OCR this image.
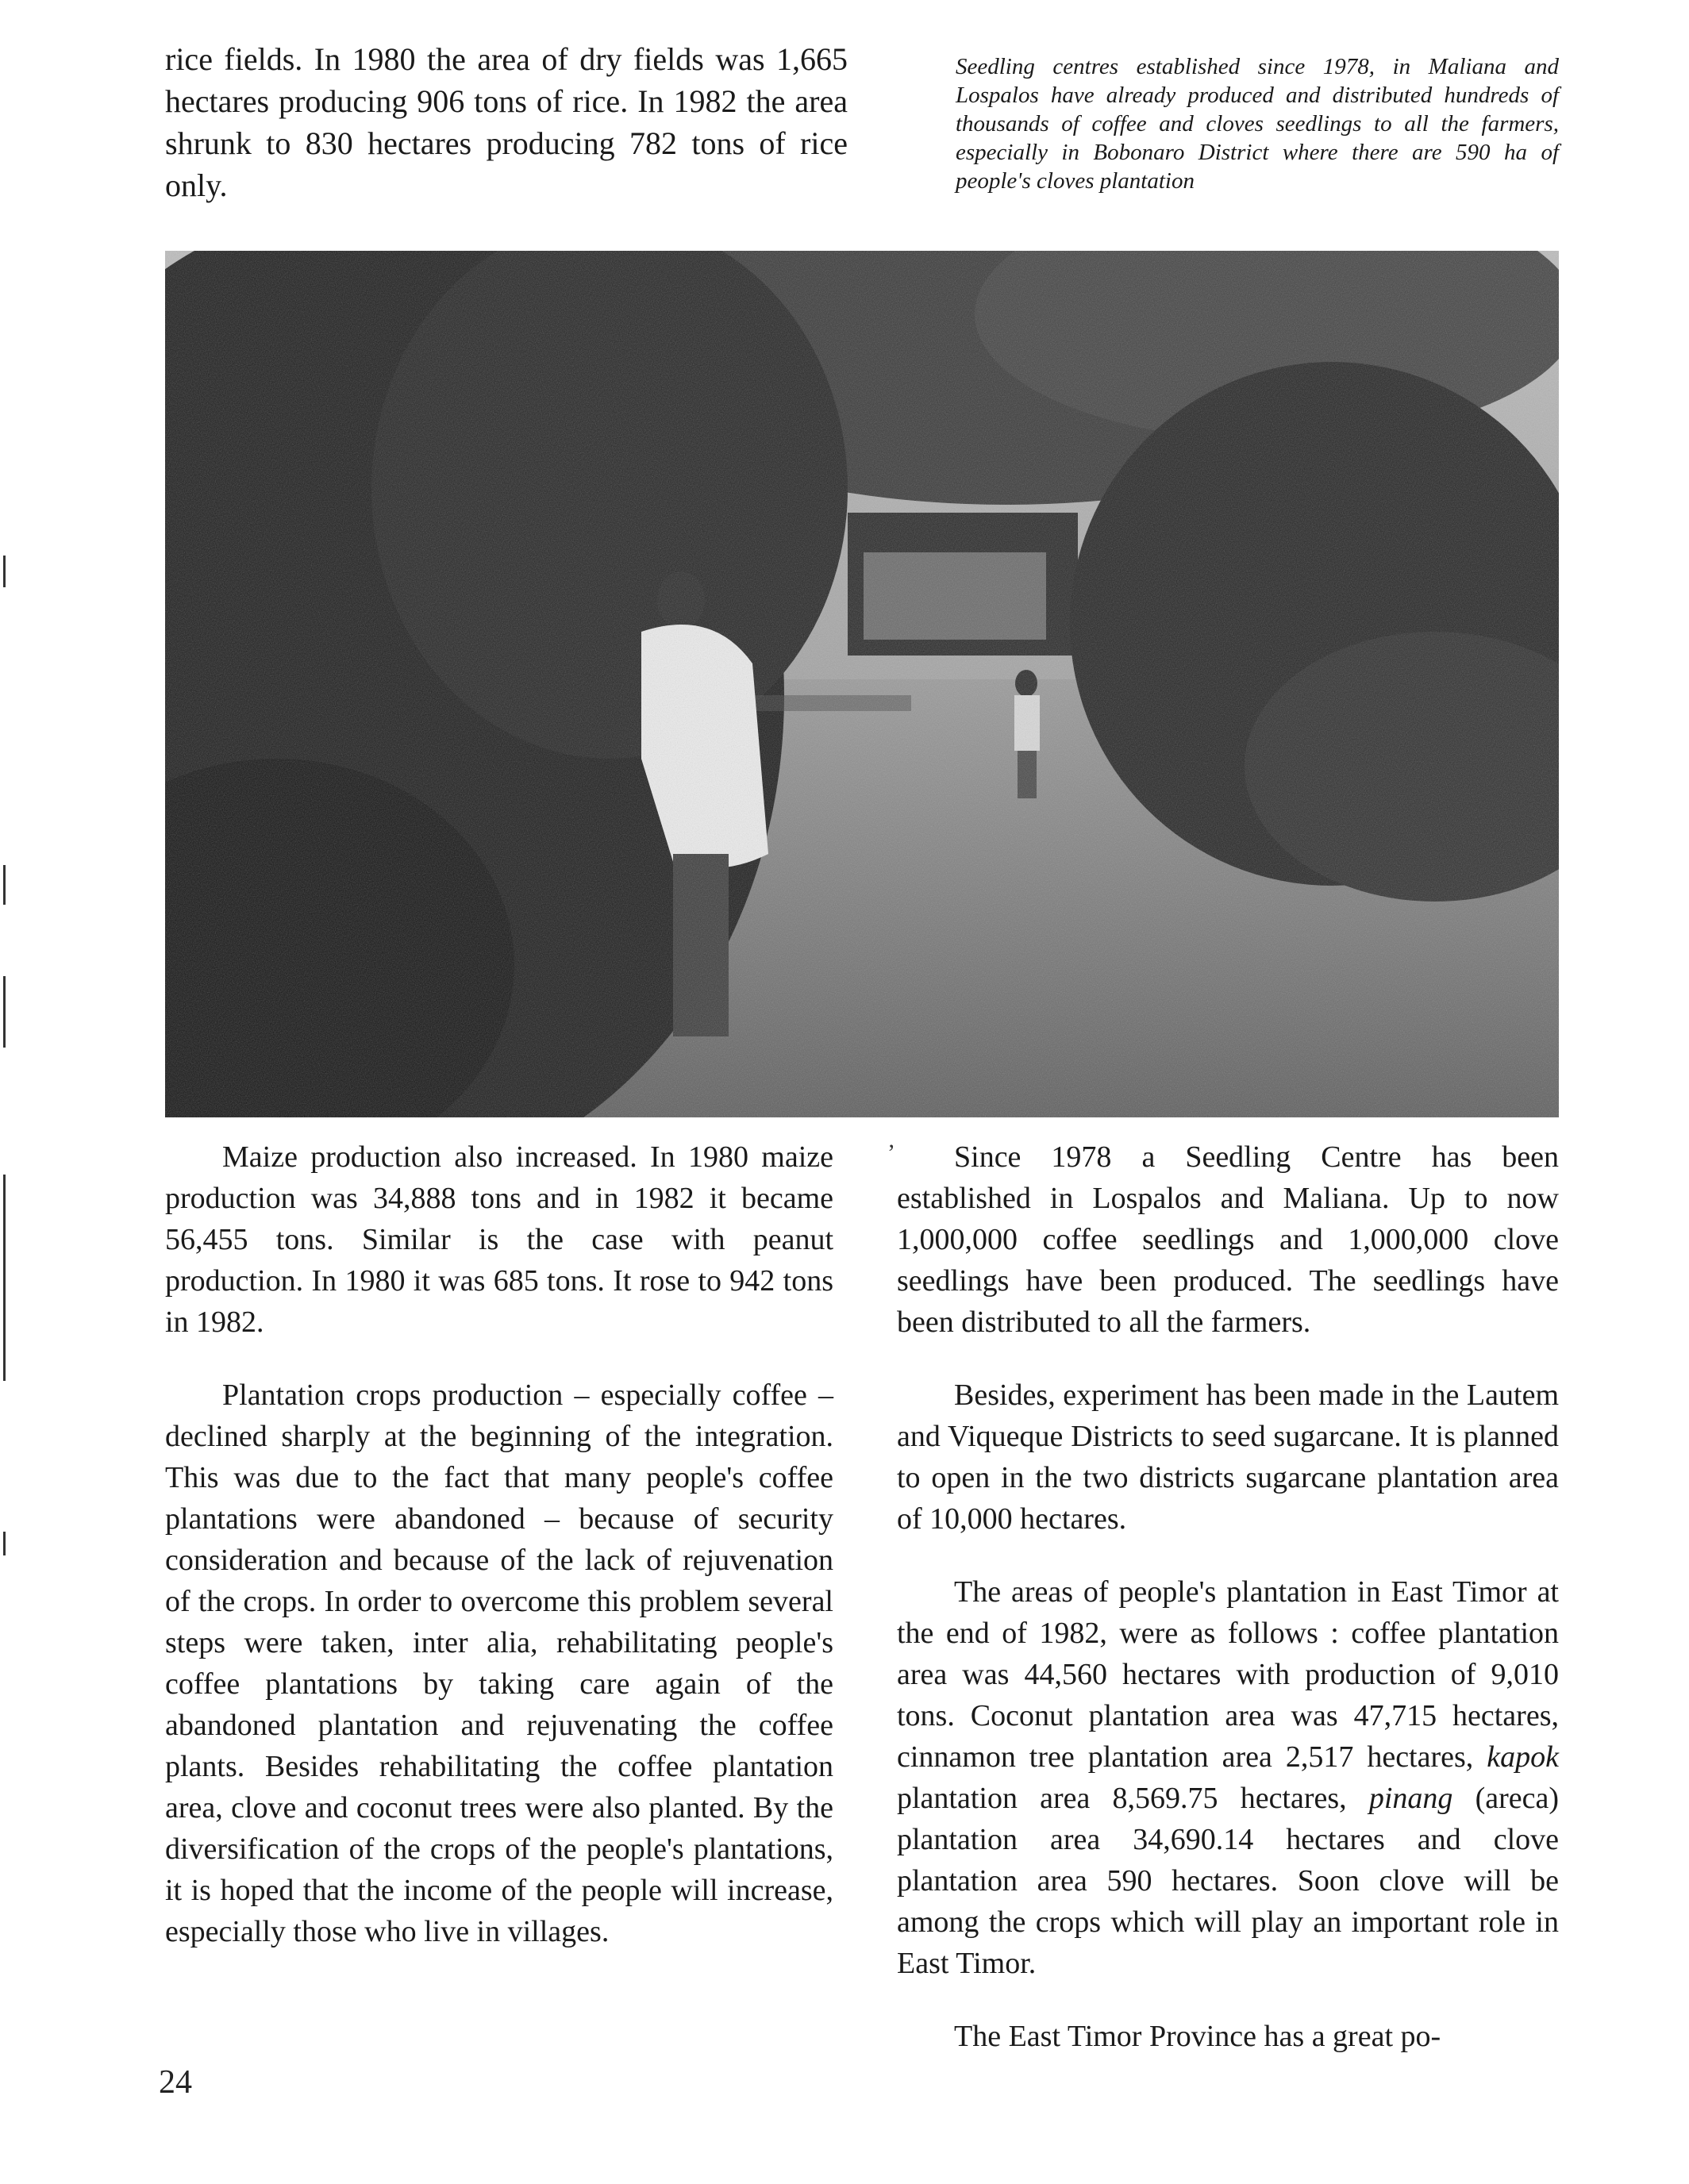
rice fields. In 1980 the area of dry fields was 1,665 hectares producing 906 tons of rice. In 1982 the area shrunk to 830 hectares producing 782 tons of rice only.

Seedling centres established since 1978, in Maliana and Lospalos have already produced and distributed hundreds of thousands of coffee and cloves seedlings to all the farmers, especially in Bobonaro District where there are 590 ha of people's cloves plantation

Maize production also increased. In 1980 maize production was 34,888 tons and in 1982 it became 56,455 tons. Similar is the case with peanut production. In 1980 it was 685 tons. It rose to 942 tons in 1982.

Plantation crops production – especially coffee – declined sharply at the beginning of the integration. This was due to the fact that many people's coffee plantations were abandoned – because of security consideration and because of the lack of rejuvenation of the crops. In order to overcome this problem several steps were taken, inter alia, rehabilitating people's coffee plantations by taking care again of the abandoned plantation and rejuvenating the coffee plants. Besides rehabilitating the coffee plantation area, clove and coconut trees were also planted. By the diversification of the crops of the people's plantations, it is hoped that the income of the people will increase, especially those who live in villages.

’	Since 1978 a Seedling Centre has been established in Lospalos and Maliana. Up to now 1,000,000 coffee seedlings and 1,000,000 clove seedlings have been produced. The seedlings have been distributed to all the farmers.

Besides, experiment has been made in the Lautem and Viqueque Districts to seed sugarcane. It is planned to open in the two districts sugarcane plantation area of 10,000 hectares.

The areas of people's plantation in East Timor at the end of 1982, were as follows : coffee plantation area was 44,560 hectares with production of 9,010 tons. Coconut plantation area was 47,715 hectares, cinnamon tree plantation area 2,517 hectares, kapok plantation area 8,569.75 hectares, pinang (areca) plantation area 34,690.14 hectares and clove plantation area 590 hectares. Soon clove will be among the crops which will play an important role in East Timor.

The East Timor Province has a great po-

24
